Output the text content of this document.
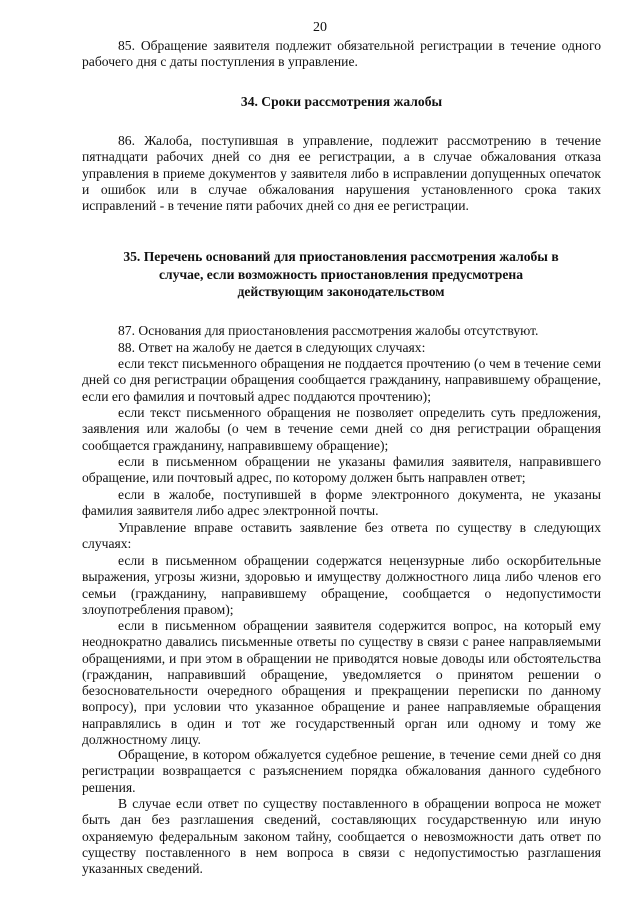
20

85. Обращение заявителя подлежит обязательной регистрации в течение одного рабочего дня с даты поступления в управление.

34. Сроки рассмотрения жалобы

86. Жалоба, поступившая в управление, подлежит рассмотрению в течение пятнадцати рабочих дней со дня ее регистрации, а в случае обжалования отказа управления в приеме документов у заявителя либо в исправлении допущенных опечаток и ошибок или в случае обжалования нарушения установленного срока таких исправлений - в течение пяти рабочих дней со дня ее регистрации.

35. Перечень оснований для приостановления рассмотрения жалобы в случае, если возможность приостановления предусмотрена действующим законодательством

87. Основания для приостановления рассмотрения жалобы отсутствуют.

88. Ответ на жалобу не дается в следующих случаях:

если текст письменного обращения не поддается прочтению (о чем в течение семи дней со дня регистрации обращения сообщается гражданину, направившему обращение, если его фамилия и почтовый адрес поддаются прочтению);

если текст письменного обращения не позволяет определить суть предложения, заявления или жалобы (о чем в течение семи дней со дня регистрации обращения сообщается гражданину, направившему обращение);

если в письменном обращении не указаны фамилия заявителя, направившего обращение, или почтовый адрес, по которому должен быть направлен ответ;

если в жалобе, поступившей в форме электронного документа, не указаны фамилия заявителя либо адрес электронной почты.

Управление вправе оставить заявление без ответа по существу в следующих случаях:

если в письменном обращении содержатся нецензурные либо оскорбительные выражения, угрозы жизни, здоровью и имуществу должностного лица либо членов его семьи (гражданину, направившему обращение, сообщается о недопустимости злоупотребления правом);

если в письменном обращении заявителя содержится вопрос, на который ему неоднократно давались письменные ответы по существу в связи с ранее направляемыми обращениями, и при этом в обращении не приводятся новые доводы или обстоятельства (гражданин, направивший обращение, уведомляется о принятом решении о безосновательности очередного обращения и прекращении переписки по данному вопросу), при условии что указанное обращение и ранее направляемые обращения направлялись в один и тот же государственный орган или одному и тому же должностному лицу.

Обращение, в котором обжалуется судебное решение, в течение семи дней со дня регистрации возвращается с разъяснением порядка обжалования данного судебного решения.

В случае если ответ по существу поставленного в обращении вопроса не может быть дан без разглашения сведений, составляющих государственную или иную охраняемую федеральным законом тайну, сообщается о невозможности дать ответ по существу поставленного в нем вопроса в связи с недопустимостью разглашения указанных сведений.
